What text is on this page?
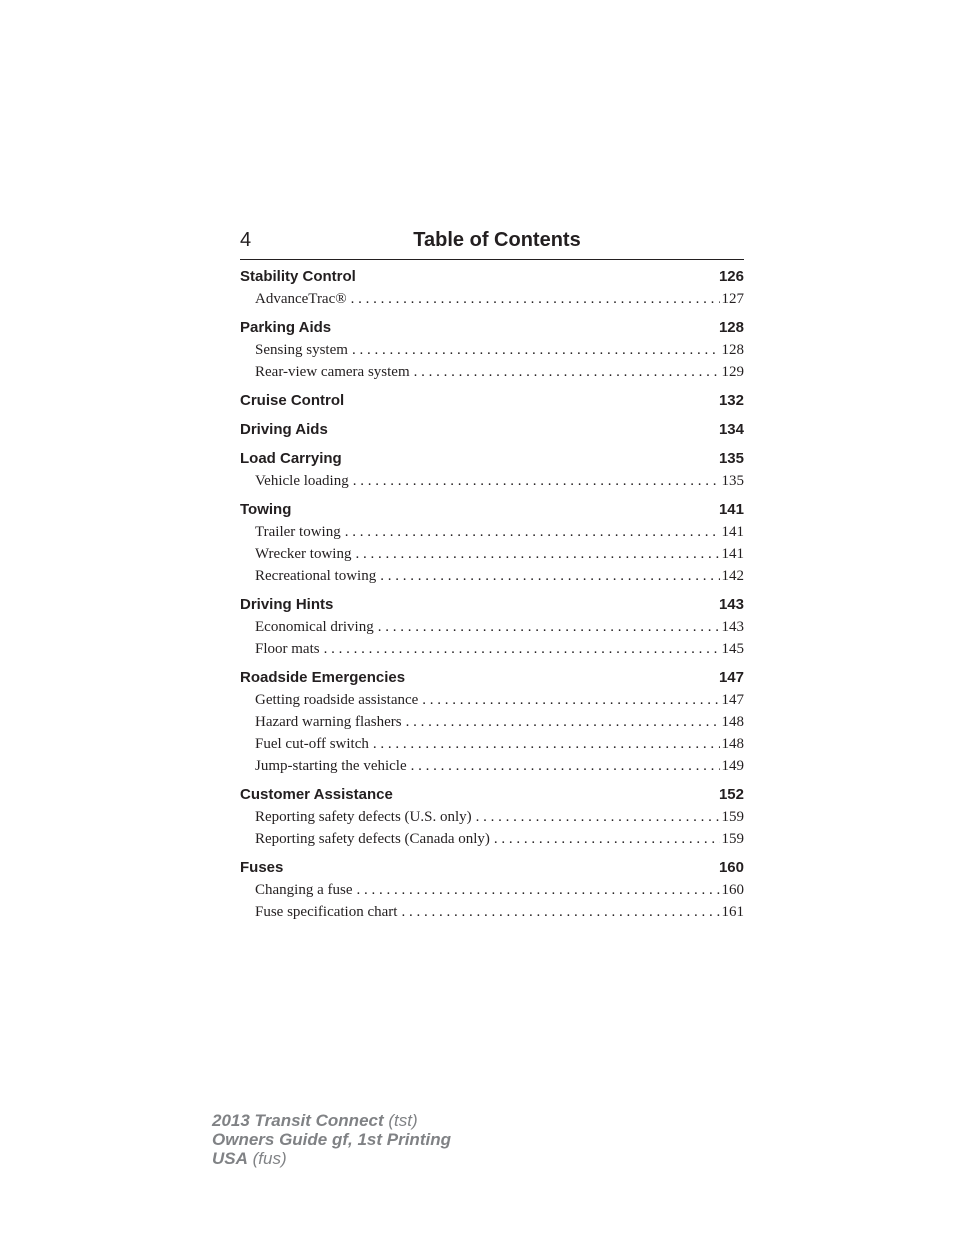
4	Table of Contents
Stability Control	126
AdvanceTrac® . . .	127
Parking Aids	128
Sensing system . . .	128
Rear-view camera system . . .	129
Cruise Control	132
Driving Aids	134
Load Carrying	135
Vehicle loading . . .	135
Towing	141
Trailer towing . . .	141
Wrecker towing . . .	141
Recreational towing . . .	142
Driving Hints	143
Economical driving . . .	143
Floor mats . . .	145
Roadside Emergencies	147
Getting roadside assistance . . .	147
Hazard warning flashers . . .	148
Fuel cut-off switch . . .	148
Jump-starting the vehicle . . .	149
Customer Assistance	152
Reporting safety defects (U.S. only) . . .	159
Reporting safety defects (Canada only) . . .	159
Fuses	160
Changing a fuse . . .	160
Fuse specification chart . . .	161
2013 Transit Connect (tst)
Owners Guide gf, 1st Printing
USA (fus)
